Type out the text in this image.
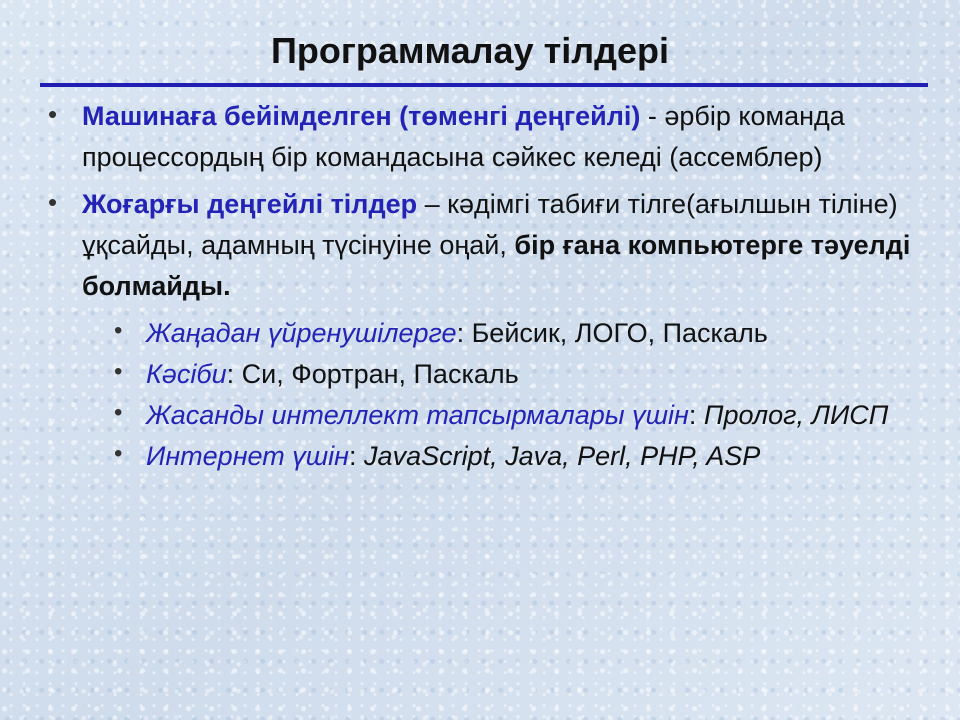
Программалау тілдері
• Машинаға бейімделген (төменгі деңгейлі) - әрбір команда процессордың бір командасына сәйкес келеді (ассемблер)
• Жоғарғы деңгейлі тілдер – кәдімгі табиғи тілге(ағылшын тіліне) ұқсайды, адамның түсінуіне оңай, бір ғана компьютерге тәуелді болмайды.
• Жаңадан үйренушілерге: Бейсик, ЛОГО, Паскаль
• Кәсіби: Си, Фортран, Паскаль
• Жасанды интеллект тапсырмалары үшін: Пролог, ЛИСП
• Интернет үшін: JavaScript, Java, Perl, PHP, ASP
